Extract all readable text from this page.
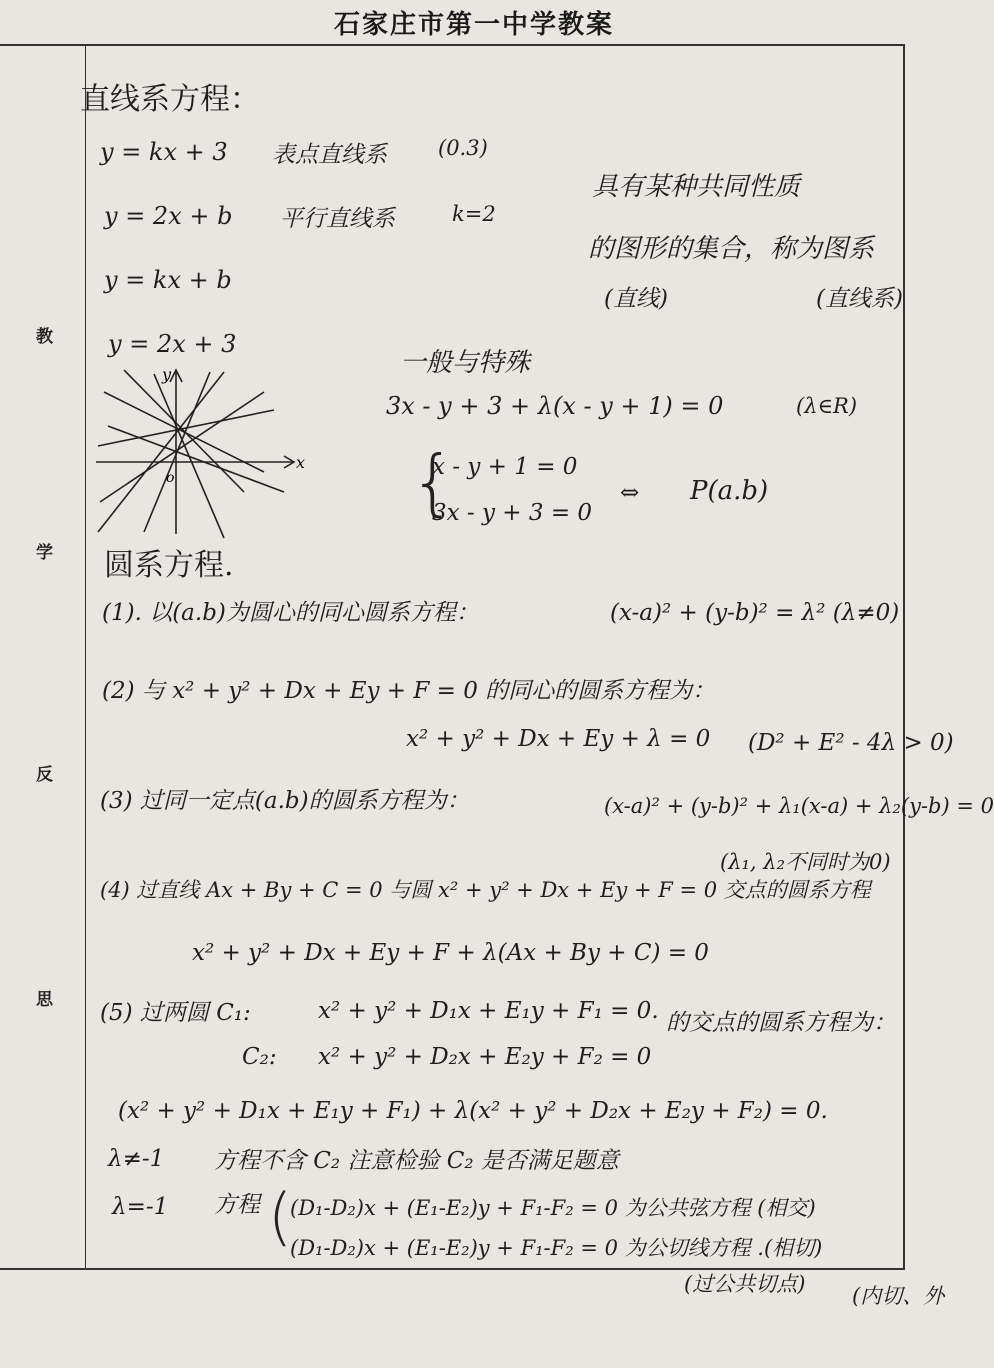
石家庄市第一中学教案
教
学
反
思
直线系方程：
y = kx + 3 表点直线系 (0.3)
y = 2x + b 平行直线系	k=2
y = kx + b
y = 2x + 3
具有某种共同性质
的图形的集合，称为图系
(直线)	(直线系)
一般与特殊
3x - y + 3 + λ(x - y + 1) = 0	(λ∈R)
{
x - y + 1 = 0
3x - y + 3 = 0
⇔ P(a.b)
y
x
o
圆系方程.
(1). 以(a.b)为圆心的同心圆系方程：	(x-a)² + (y-b)² = λ² (λ≠0)
(2) 与 x² + y² + Dx + Ey + F = 0 的同心的圆系方程为：
x² + y² + Dx + Ey + λ = 0 (D² + E² - 4λ > 0)
(3) 过同一定点(a.b)的圆系方程为：	(x-a)² + (y-b)² + λ₁(x-a) + λ₂(y-b) = 0
(λ₁, λ₂不同时为0)
(4) 过直线 Ax + By + C = 0 与圆 x² + y² + Dx + Ey + F = 0 交点的圆系方程
x² + y² + Dx + Ey + F + λ(Ax + By + C) = 0
(5) 过两圆 C₁:	x² + y² + D₁x + E₁y + F₁ = 0. 的交点的圆系方程为：
C₂: x² + y² + D₂x + E₂y + F₂ = 0
(x² + y² + D₁x + E₁y + F₁) + λ(x² + y² + D₂x + E₂y + F₂) = 0.
λ≠-1 方程不含 C₂ 注意检验 C₂ 是否满足题意
λ=-1 方程 (
(D₁-D₂)x + (E₁-E₂)y + F₁-F₂ = 0 为公共弦方程 (相交)
(D₁-D₂)x + (E₁-E₂)y + F₁-F₂ = 0 为公切线方程 .(相切)
(过公共切点) (内切、外
